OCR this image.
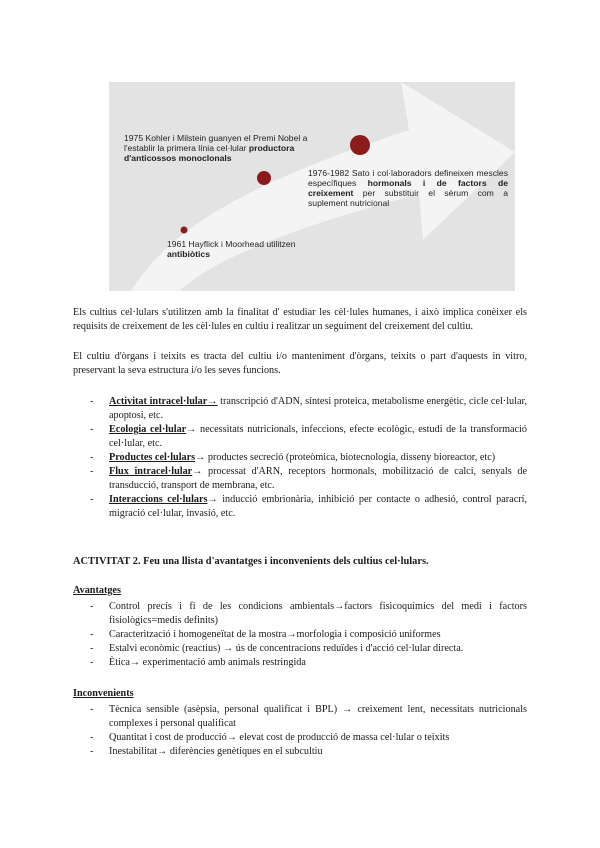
1975 Kohler i Milstein guanyen el Premi Nobel a l'establir la primera línia cel·lular productora d'anticossos monoclonals
1976-1982 Sato i col·laboradors defineixen mescles específiques hormonals i de factors de creixement per substituir el sèrum com a suplement nutricional
1961 Hayflick i Moorhead utilitzen antibiòtics

Els cultius cel·lulars s'utilitzen amb la finalitat d' estudiar les cèl·lules humanes, i això implica conèixer els requisits de creixement de les cèl·lules en cultiu i realitzar un seguiment del creixement del cultiu.

El cultiu d'òrgans i teixits es tracta del cultiu i/o manteniment d'òrgans, teixits o part d'aquests in vitro, preservant la seva estructura i/o les seves funcions.

- Activitat intracel·lular→ transcripció d'ADN, síntesi proteica, metabolisme energètic, cicle cel·lular, apoptosi, etc.
- Ecologia cel·lular→ necessitats nutricionals, infeccions, efecte ecològic, estudi de la transformació cel·lular, etc.
- Productes cel·lulars→ productes secreció (proteòmica, biotecnologia, disseny bioreactor, etc)
- Flux intracel·lular→ processat d'ARN, receptors hormonals, mobilització de calci, senyals de transducció, transport de membrana, etc.
- Interaccions cel·lulars→ inducció embrionària, inhibició per contacte o adhesió, control paracrí, migració cel·lular, invasió, etc.
ACTIVITAT 2. Feu una llista d'avantatges i inconvenients dels cultius cel·lulars.
Avantatges
- Control precís i fi de les condicions ambientals→factors fisicoquímics del medi i factors fisiològics=medis definits)
- Caracterització i homogeneïtat de la mostra→morfologia i composició uniformes
- Estalvi econòmic (reactius) → ús de concentracions reduïdes i d'acció cel·lular directa.
- Ètica→ experimentació amb animals restringida
Inconvenients
- Tècnica sensible (asèpsia, personal qualificat i BPL) → creixement lent, necessitats nutricionals complexes i personal qualificat
- Quantitat i cost de producció→ elevat cost de producció de massa cel·lular o teixits
- Inestabilitat→ diferències genètiques en el subcultiu
